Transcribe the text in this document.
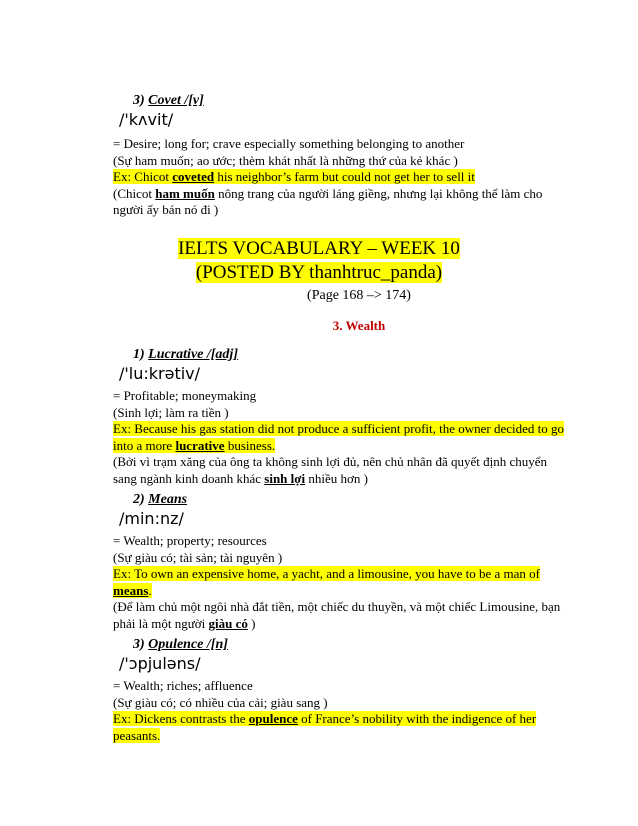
3) Covet /[v]
/'kʌvit/
= Desire; long for; crave especially something belonging to another
(Sự ham muốn; ao ước; thèm khát nhất là những thứ của kẻ khác )
Ex: Chicot coveted his neighbor’s farm but could not get her to sell it
(Chicot ham muốn nông trang của người láng giềng, nhưng lại không thể làm cho
người ấy bán nó đi )
IELTS VOCABULARY – WEEK 10
(POSTED BY thanhtruc_panda)
(Page 168 –> 174)
3. Wealth
1) Lucrative /[adj]
/'lu:krətiv/
= Profitable; moneymaking
(Sinh lợi; làm ra tiền )
Ex: Because his gas station did not produce a sufficient profit, the owner decided to go
into a more lucrative business.
(Bởi vì trạm xăng của ông ta không sinh lợi đủ, nên chủ nhân đã quyết định chuyển
sang ngành kinh doanh khác sinh lợi nhiều hơn )
2) Means
/min:nz/
= Wealth; property; resources
(Sự giàu có; tài sản; tài nguyên )
Ex: To own an expensive home, a yacht, and a limousine, you have to be a man of
means.
(Để làm chủ một ngôi nhà đắt tiền, một chiếc du thuyền, và một chiếc Limousine, bạn
phải là một người giàu có )
3) Opulence /[n]
/'ɔpjuləns/
= Wealth; riches; affluence
(Sự giàu có; có nhiều của cải; giàu sang )
Ex: Dickens contrasts the opulence of France’s nobility with the indigence of her
peasants.
